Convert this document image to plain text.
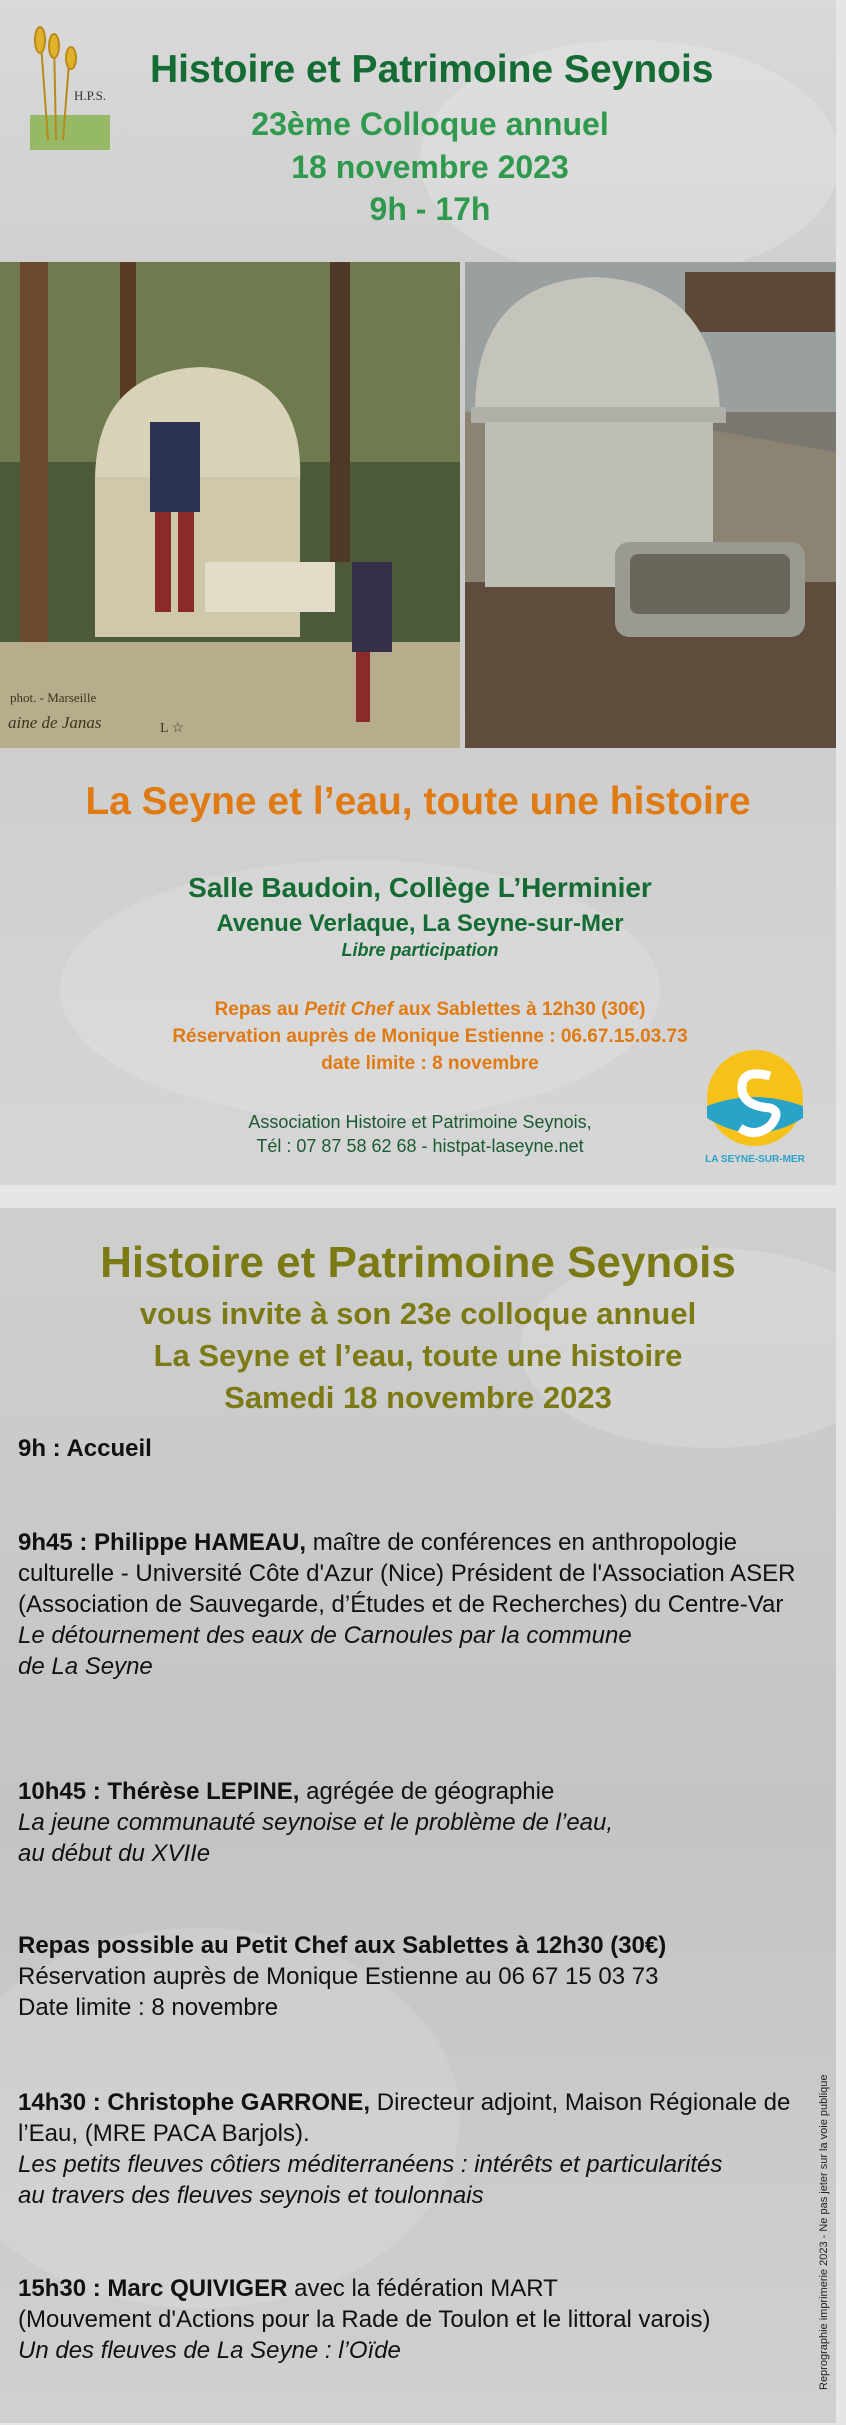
H.P.S.
Histoire et Patrimoine Seynois
23ème Colloque annuel
18 novembre 2023
9h - 17h
phot. - Marseille
aine de Janas	L ☆
La Seyne et l’eau, toute une histoire
Salle Baudoin, Collège L’Herminier
Avenue Verlaque, La Seyne-sur-Mer
Libre participation
Repas au Petit Chef aux Sablettes à 12h30 (30€)
Réservation auprès de Monique Estienne : 06.67.15.03.73
date limite : 8 novembre
Association Histoire et Patrimoine Seynois,
Tél : 07 87 58 62 68 - histpat-laseyne.net
LA SEYNE-SUR-MER
Histoire et Patrimoine Seynois
vous invite à son 23e colloque annuel
La Seyne et l’eau, toute une histoire
Samedi 18 novembre 2023
9h : Accueil
9h45 : Philippe HAMEAU, maître de conférences en anthropologie culturelle - Université Côte d'Azur (Nice) Président de l'Association ASER (Association de Sauvegarde, d’Études et de Recherches) du Centre-Var
Le détournement des eaux de Carnoules par la commune
de La Seyne
10h45 : Thérèse LEPINE, agrégée de géographie
La jeune communauté seynoise et le problème de l’eau,
au début du XVIIe
Repas possible au Petit Chef aux Sablettes à 12h30 (30€)
Réservation auprès de Monique Estienne au 06 67 15 03 73
Date limite : 8 novembre
14h30 : Christophe GARRONE, Directeur adjoint, Maison Régionale de l’Eau, (MRE PACA Barjols).
Les petits fleuves côtiers méditerranéens : intérêts et particularités
au travers des fleuves seynois et toulonnais
15h30 : Marc QUIVIGER avec la fédération MART
(Mouvement d'Actions pour la Rade de Toulon et le littoral varois)
Un des fleuves de La Seyne : l’Oïde	Reprographie imprimerie 2023 - Ne pas jeter sur la voie publique
